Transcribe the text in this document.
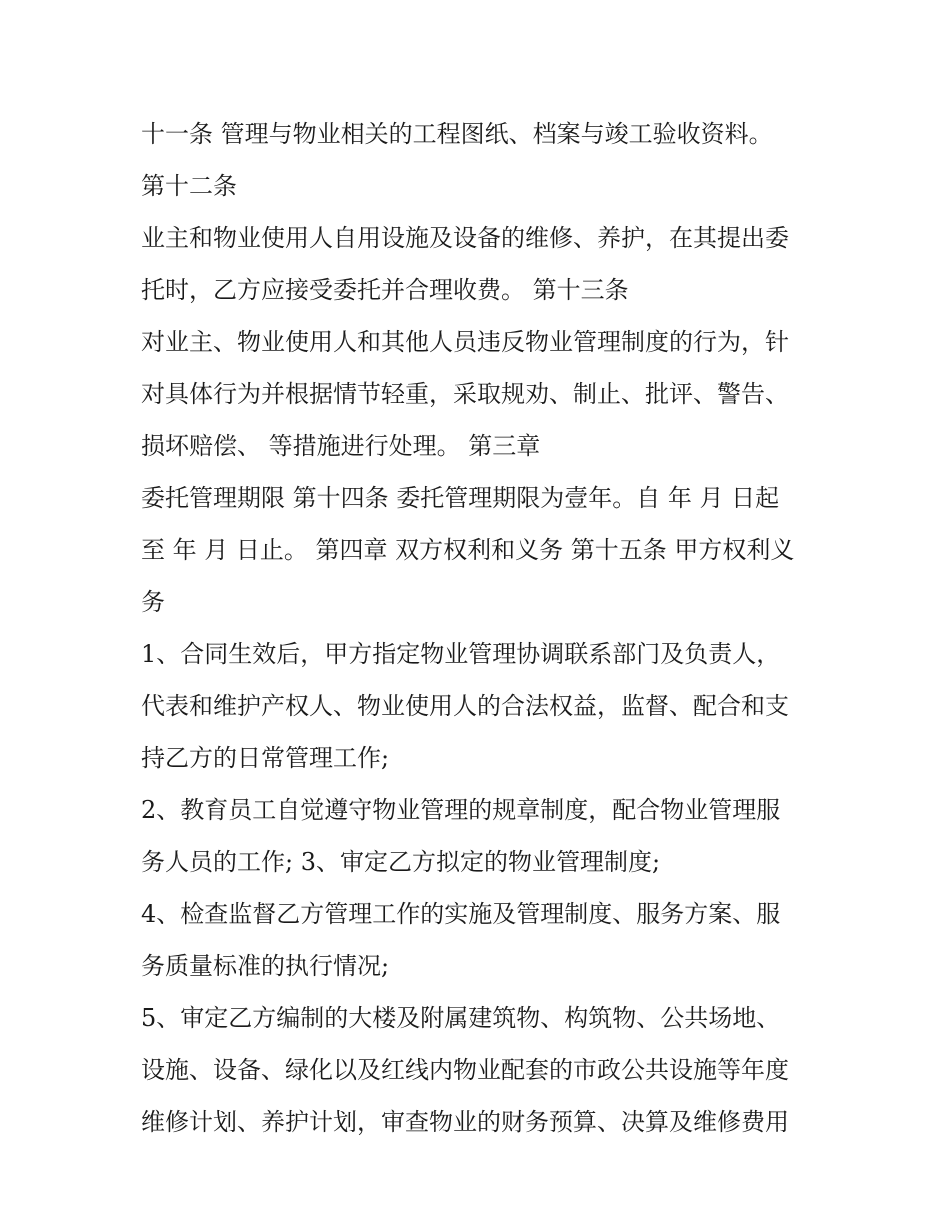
十一条 管理与物业相关的工程图纸、档案与竣工验收资料。
第十二条
业主和物业使用人自用设施及设备的维修、养护，在其提出委
托时，乙方应接受委托并合理收费。 第十三条
对业主、物业使用人和其他人员违反物业管理制度的行为，针
对具体行为并根据情节轻重，采取规劝、制止、批评、警告、
损坏赔偿、 等措施进行处理。 第三章
委托管理期限 第十四条 委托管理期限为壹年。自 年 月 日起
至 年 月 日止。 第四章 双方权利和义务 第十五条 甲方权利义
务
1、合同生效后，甲方指定物业管理协调联系部门及负责人，
代表和维护产权人、物业使用人的合法权益，监督、配合和支
持乙方的日常管理工作;
2、教育员工自觉遵守物业管理的规章制度，配合物业管理服
务人员的工作; 3、审定乙方拟定的物业管理制度;
4、检查监督乙方管理工作的实施及管理制度、服务方案、服
务质量标准的执行情况;
5、审定乙方编制的大楼及附属建筑物、构筑物、公共场地、
设施、设备、绿化以及红线内物业配套的市政公共设施等年度
维修计划、养护计划，审查物业的财务预算、决算及维修费用
